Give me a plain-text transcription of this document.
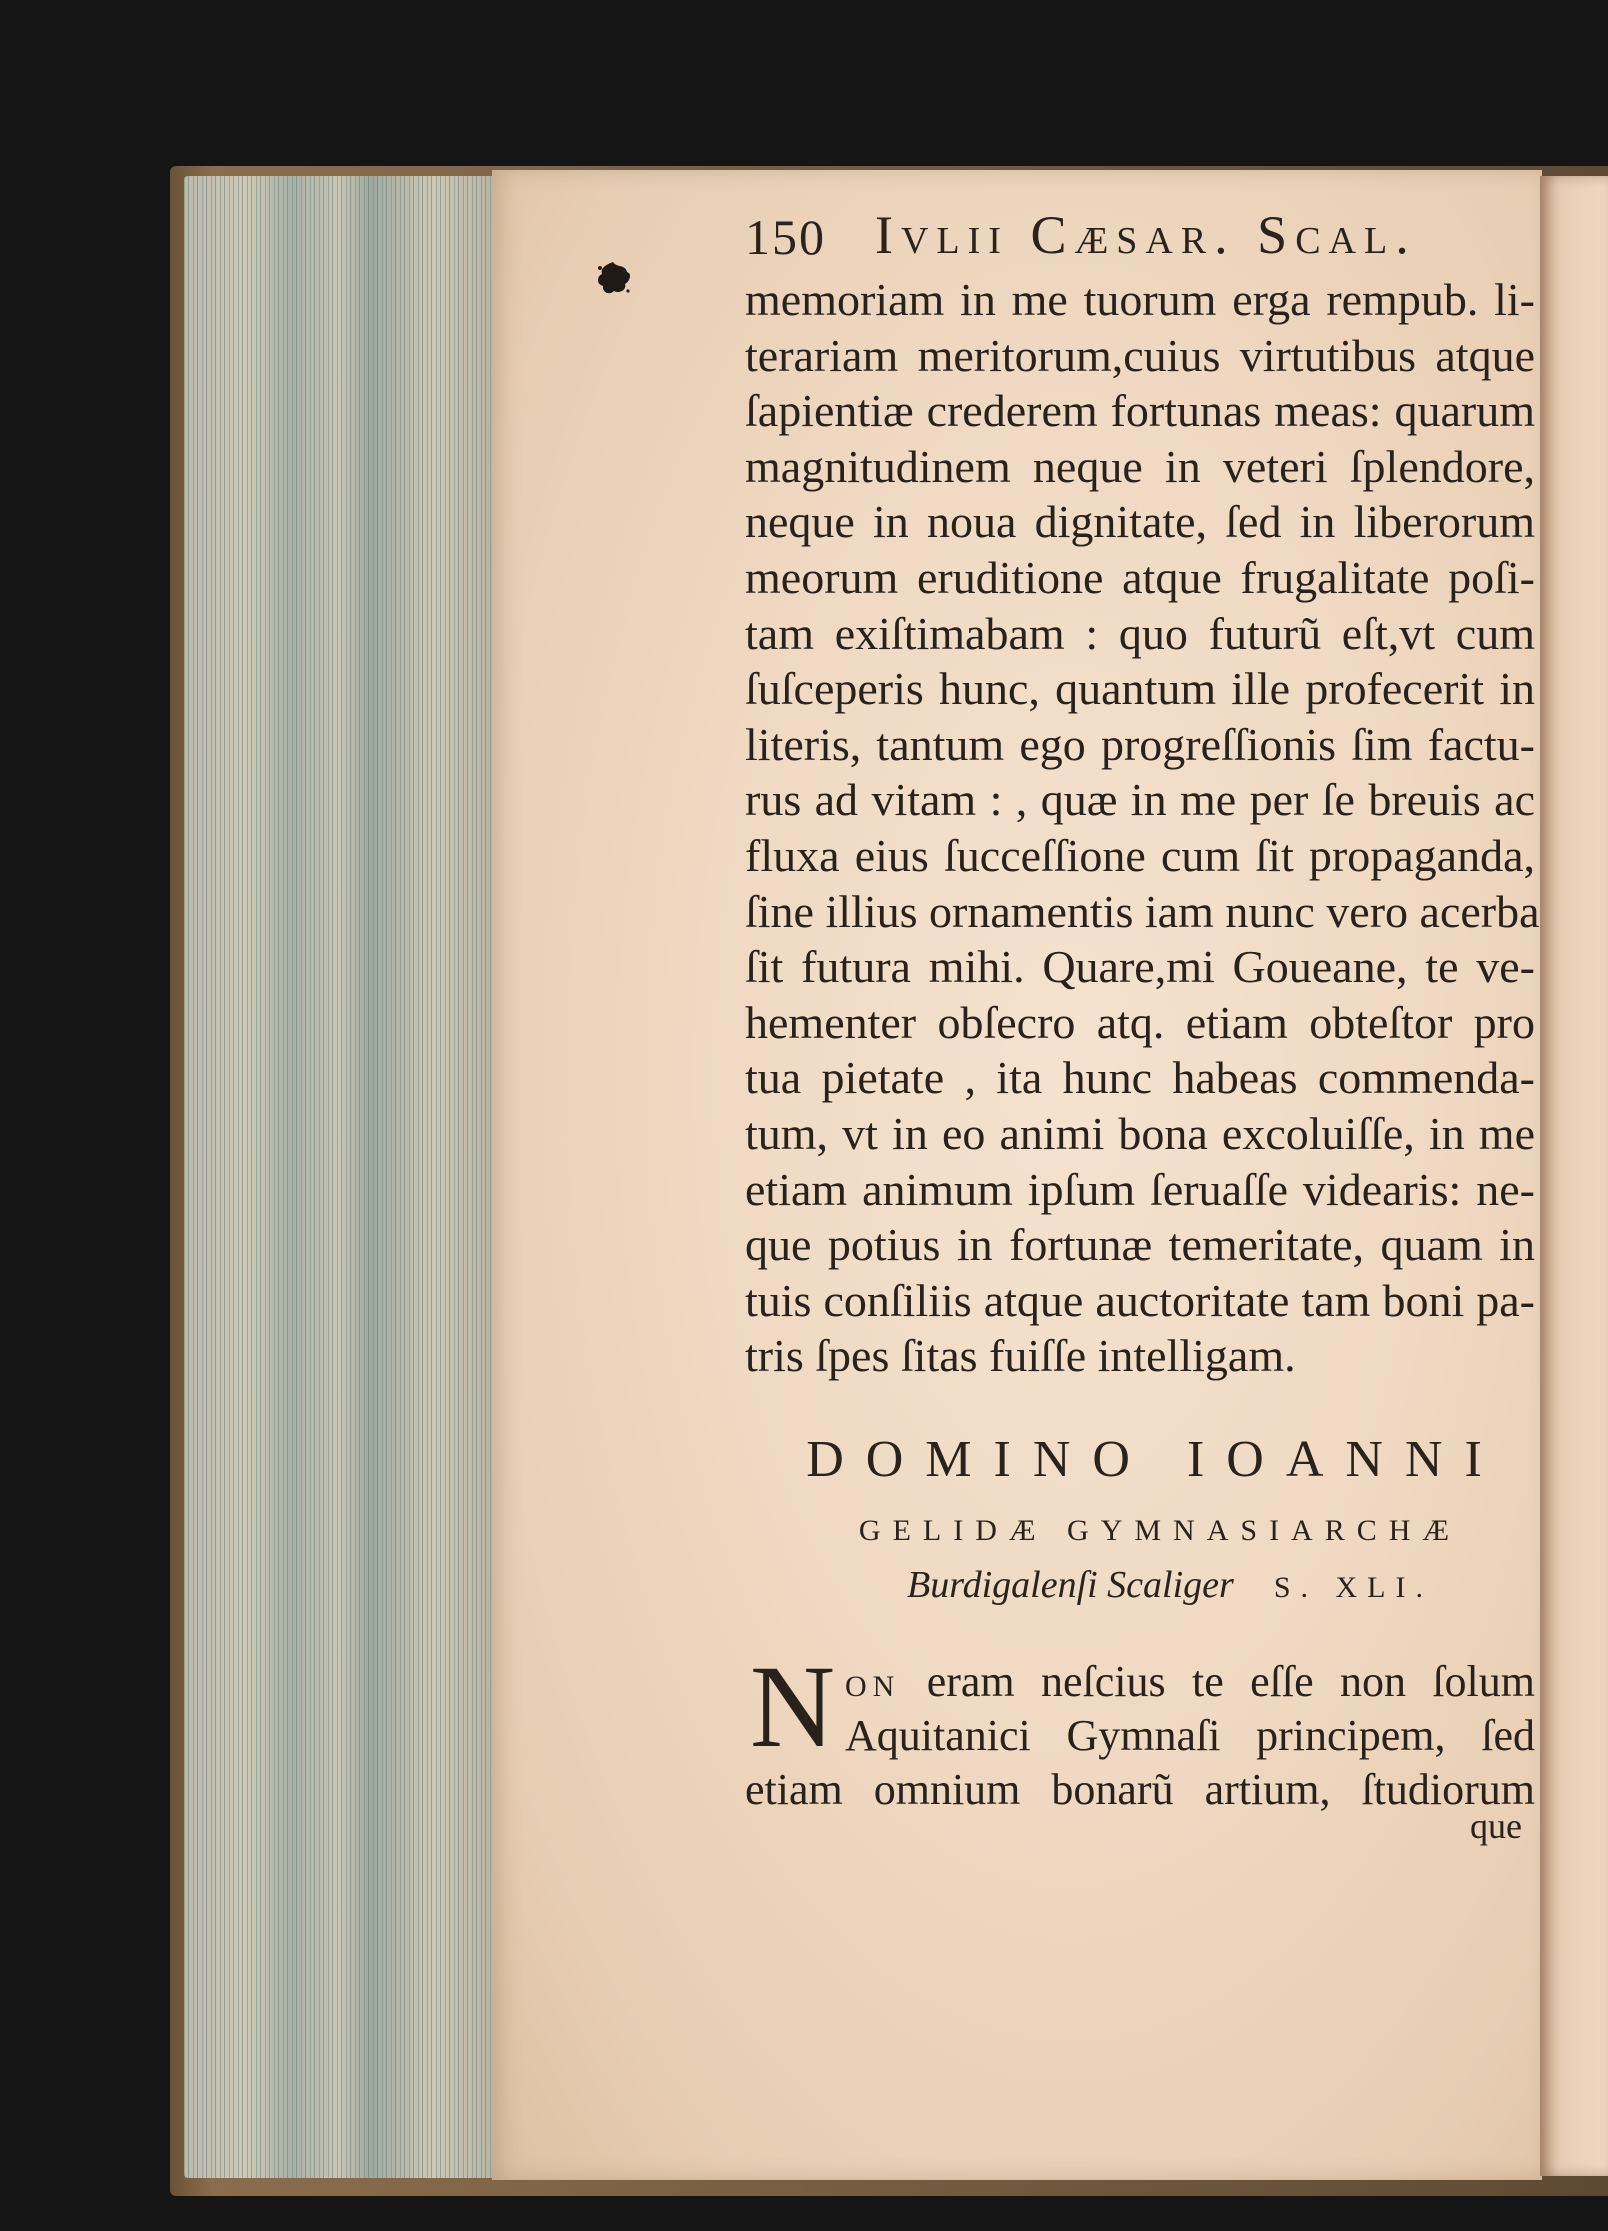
150 Ivlii Cæsar. Scal.
memoriam in me tuorum erga rempub. li-
terariam meritorum,cuius virtutibus atque
ſapientiæ crederem fortunas meas: quarum
magnitudinem neque in veteri ſplendore,
neque in noua dignitate, ſed in liberorum
meorum eruditione atque frugalitate poſi-
tam exiſtimabam : quo futurũ eſt,vt cum
ſuſceperis hunc, quantum ille profecerit in
literis, tantum ego progreſſionis ſim factu-
rus ad vitam : , quæ in me per ſe breuis ac
fluxa eius ſucceſſione cum ſit propaganda,
ſine illius ornamentis iam nunc vero acerba
ſit futura mihi. Quare,mi Goueane, te ve-
hementer obſecro atq. etiam obteſtor pro
tua pietate , ita hunc habeas commenda-
tum, vt in eo animi bona excoluiſſe, in me
etiam animum ipſum ſeruaſſe videaris: ne-
que potius in fortunæ temeritate, quam in
tuis conſiliis atque auctoritate tam boni pa-
tris ſpes ſitas fuiſſe intelligam.
DOMINO IOANNI
GELIDÆ GYMNASIARCHÆ
Burdigalenſi Scaliger S. XLI.
N ON eram neſcius te eſſe non ſolum
Aquitanici Gymnaſi principem, ſed
etiam omnium bonarũ artium, ſtudiorum
que
